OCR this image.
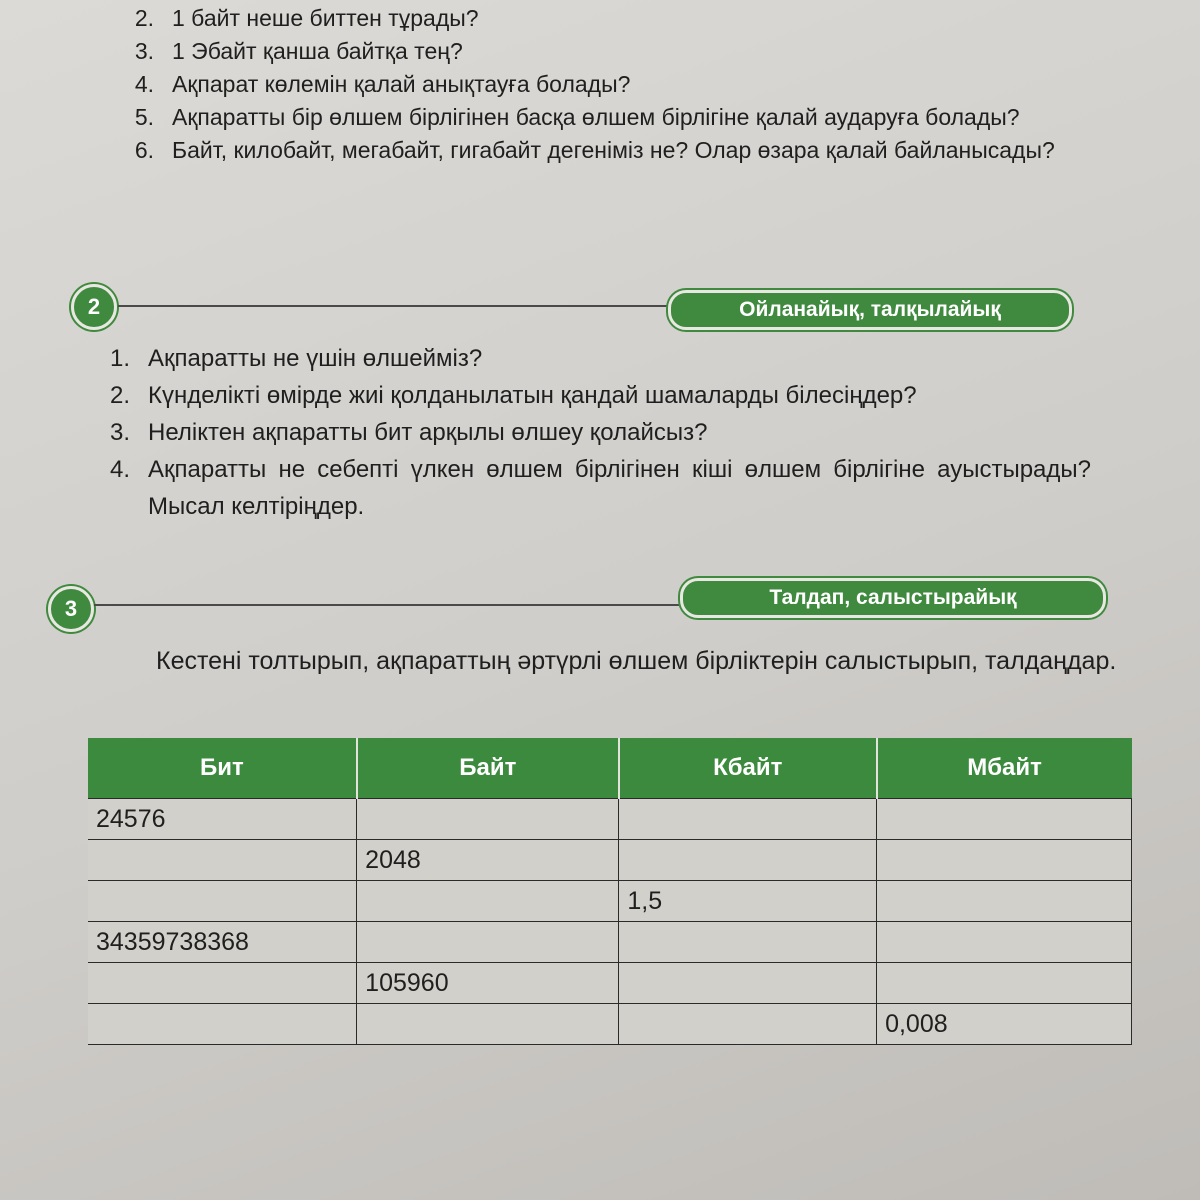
2. 1 байт неше биттен тұрады?
3. 1 Эбайт қанша байтқа тең?
4. Ақпарат көлемін қалай анықтауға болады?
5. Ақпаратты бір өлшем бірлігінен басқа өлшем бірлігіне қалай аударуға болады?
6. Байт, килобайт, мегабайт, гигабайт дегеніміз не? Олар өзара қалай байланысады?
2	Ойланайық, талқылайық
1. Ақпаратты не үшін өлшейміз?
2. Күнделікті өмірде жиі қолданылатын қандай шамаларды білесіңдер?
3. Неліктен ақпаратты бит арқылы өлшеу қолайсыз?
4. Ақпаратты не себепті үлкен өлшем бірлігінен кіші өлшем бірлігіне ауыстырады? Мысал келтіріңдер.
3	Талдап, салыстырайық
Кестені толтырып, ақпараттың әртүрлі өлшем бірліктерін салыстырып, талдаңдар.
Бит	Байт	Кбайт	Мбайт
24576			
	2048		
		1,5	
34359738368			
	105960		
			0,008
